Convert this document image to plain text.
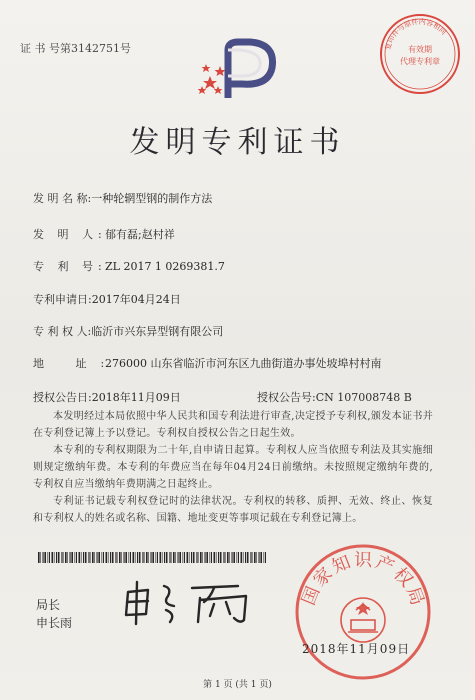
证 书 号第3142751号	复印件与原件内容相同
有效期
代理专利章
发明专利证书
发 明 名 称:一种轮辋型钢的制作方法
发 明 人:郁有磊;赵村祥
专 利 号:ZL 2017 1 0269381.7
专利申请日:2017年04月24日
专 利 权 人:临沂市兴东异型钢有限公司
地 址:276000 山东省临沂市河东区九曲街道办事处坡埠村村南
授权公告日:2018年11月09日	授权公告号:CN 107008748 B
本发明经过本局依照中华人民共和国专利法进行审查,决定授予专利权,颁发本证书并在专利登记簿上予以登记。专利权自授权公告之日起生效。
本专利的专利权期限为二十年,自申请日起算。专利权人应当依照专利法及其实施细则规定缴纳年费。本专利的年费应当在每年04月24日前缴纳。未按照规定缴纳年费的,专利权自应当缴纳年费期满之日起终止。
专利证书记载专利权登记时的法律状况。专利权的转移、质押、无效、终止、恢复和专利权人的姓名或名称、国籍、地址变更等事项记载在专利登记簿上。
局长
申长雨
国家知识产权局
2018年11月09日
第 1 页 (共 1 页)
